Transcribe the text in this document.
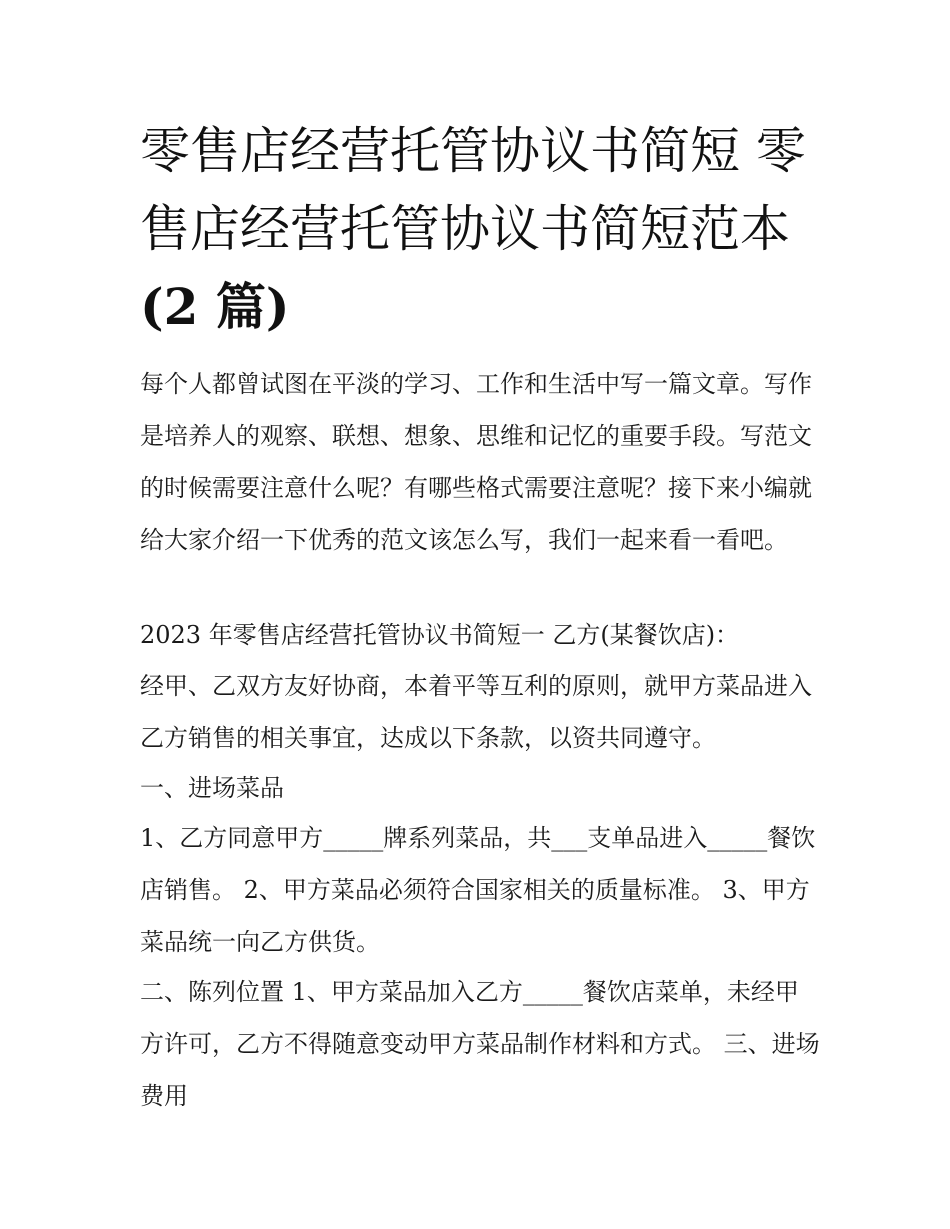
零售店经营托管协议书简短 零
售店经营托管协议书简短范本
(2 篇)

每个人都曾试图在平淡的学习、工作和生活中写一篇文章。写作是培养人的观察、联想、想象、思维和记忆的重要手段。写范文的时候需要注意什么呢？有哪些格式需要注意呢？接下来小编就给大家介绍一下优秀的范文该怎么写，我们一起来看一看吧。

2023 年零售店经营托管协议书简短一 乙方(某餐饮店)：

经甲、乙双方友好协商，本着平等互利的原则，就甲方菜品进入乙方销售的相关事宜，达成以下条款，以资共同遵守。

一、进场菜品

1、乙方同意甲方_____牌系列菜品，共___支单品进入_____餐饮店销售。 2、甲方菜品必须符合国家相关的质量标准。 3、甲方菜品统一向乙方供货。

二、陈列位置 1、甲方菜品加入乙方_____餐饮店菜单，未经甲方许可，乙方不得随意变动甲方菜品制作材料和方式。 三、进场费用
